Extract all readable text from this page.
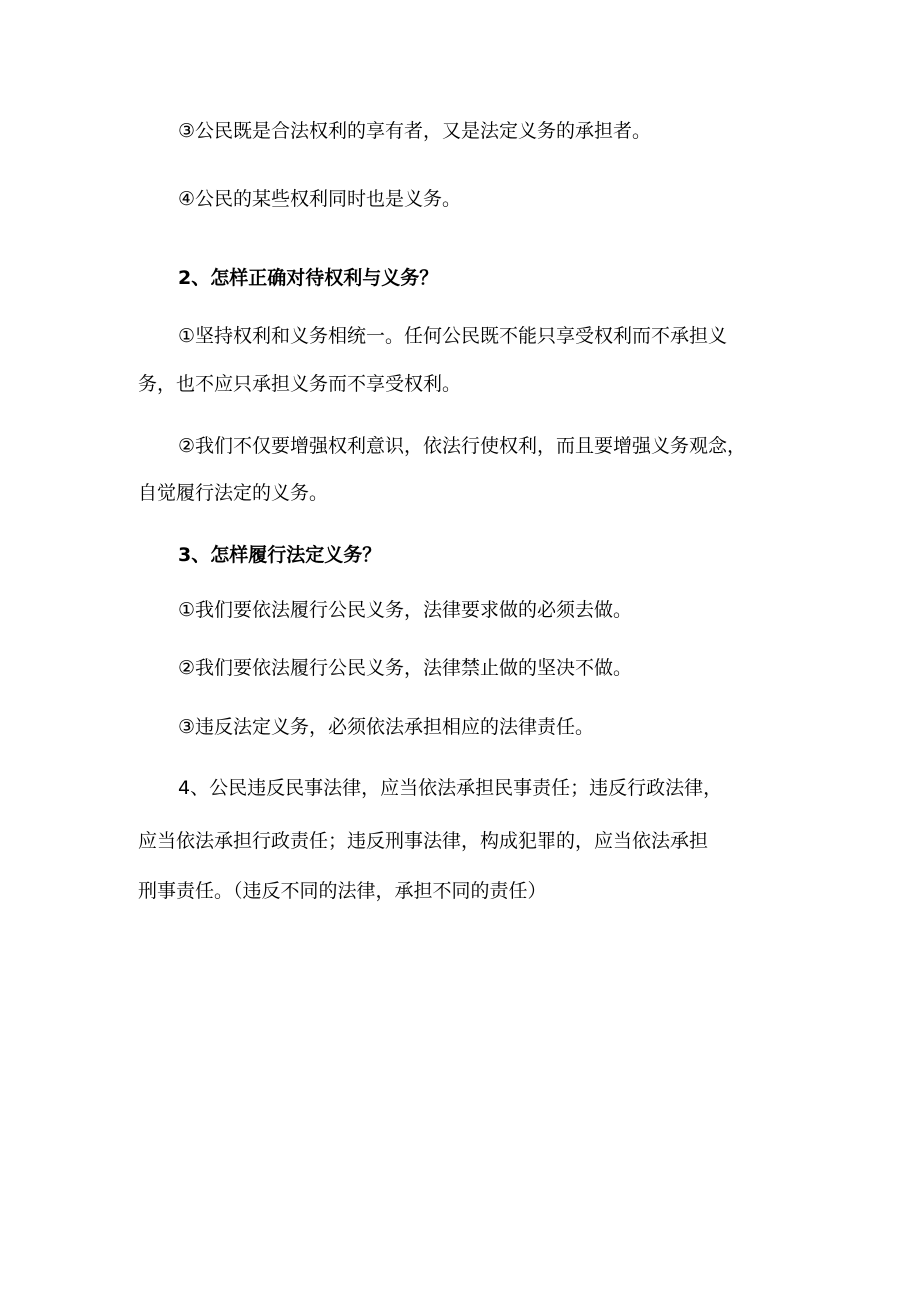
③公民既是合法权利的享有者，又是法定义务的承担者。
④公民的某些权利同时也是义务。
2、怎样正确对待权利与义务？
①坚持权利和义务相统一。任何公民既不能只享受权利而不承担义
务，也不应只承担义务而不享受权利。
②我们不仅要增强权利意识，依法行使权利，而且要增强义务观念，
自觉履行法定的义务。
3、怎样履行法定义务？
①我们要依法履行公民义务，法律要求做的必须去做。
②我们要依法履行公民义务，法律禁止做的坚决不做。
③违反法定义务，必须依法承担相应的法律责任。
4、公民违反民事法律，应当依法承担民事责任；违反行政法律，
应当依法承担行政责任；违反刑事法律，构成犯罪的，应当依法承担
刑事责任。（违反不同的法律，承担不同的责任）
